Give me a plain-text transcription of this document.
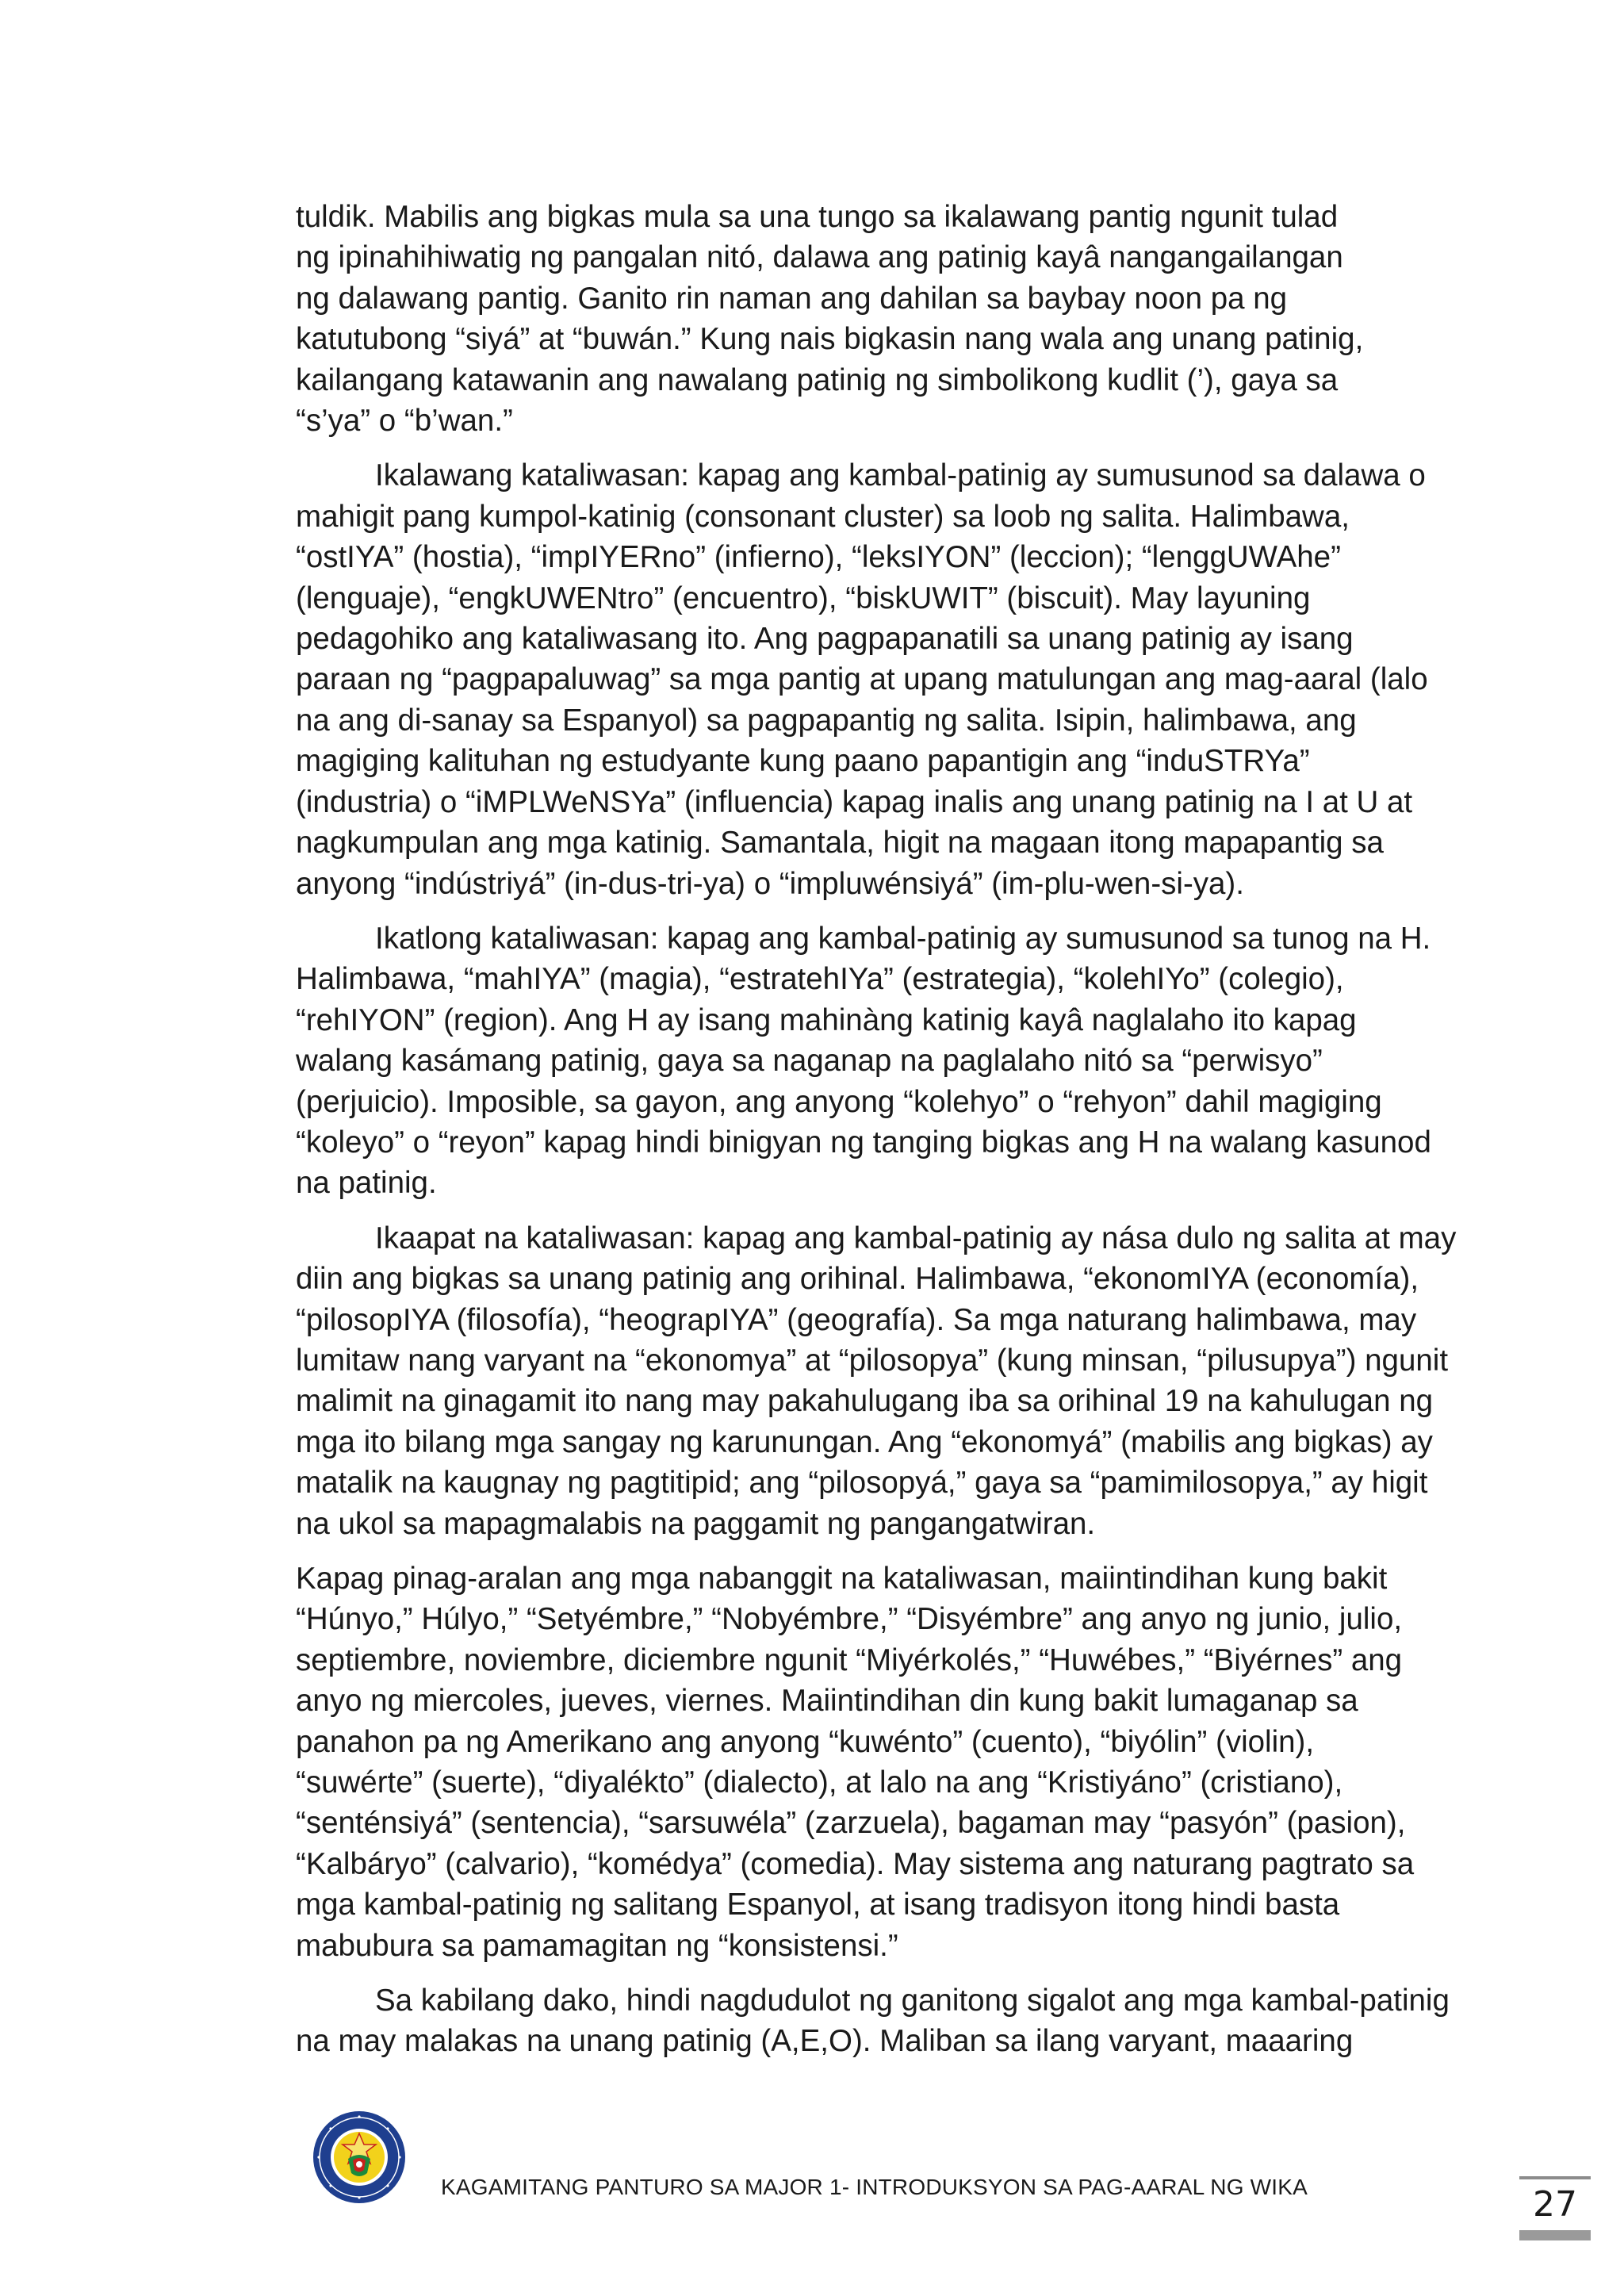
tuldik. Mabilis ang bigkas mula sa una tungo sa ikalawang pantig ngunit tulad
ng ipinahihiwatig ng pangalan nitó, dalawa ang patinig kayâ nangangailangan
ng dalawang pantig. Ganito rin naman ang dahilan sa baybay noon pa ng
katutubong “siyá” at “buwán.” Kung nais bigkasin nang wala ang unang patinig,
kailangang katawanin ang nawalang patinig ng simbolikong kudlit (’), gaya sa
“s’ya” o “b’wan.”

Ikalawang kataliwasan: kapag ang kambal-patinig ay sumusunod sa dalawa o
mahigit pang kumpol-katinig (consonant cluster) sa loob ng salita. Halimbawa,
“ostIYA” (hostia), “impIYERno” (infierno), “leksIYON” (leccion); “lenggUWAhe”
(lenguaje), “engkUWENtro” (encuentro), “biskUWIT” (biscuit). May layuning
pedagohiko ang kataliwasang ito. Ang pagpapanatili sa unang patinig ay isang
paraan ng “pagpapaluwag” sa mga pantig at upang matulungan ang mag-aaral (lalo
na ang di-sanay sa Espanyol) sa pagpapantig ng salita. Isipin, halimbawa, ang
magiging kalituhan ng estudyante kung paano papantigin ang “induSTRYa”
(industria) o “iMPLWeNSYa” (influencia) kapag inalis ang unang patinig na I at U at
nagkumpulan ang mga katinig. Samantala, higit na magaan itong mapapantig sa
anyong “indústriyá” (in-dus-tri-ya) o “impluwénsiyá” (im-plu-wen-si-ya).

Ikatlong kataliwasan: kapag ang kambal-patinig ay sumusunod sa tunog na H.
Halimbawa, “mahIYA” (magia), “estratehIYa” (estrategia), “kolehIYo” (colegio),
“rehIYON” (region). Ang H ay isang mahinàng katinig kayâ naglalaho ito kapag
walang kasámang patinig, gaya sa naganap na paglalaho nitó sa “perwisyo”
(perjuicio). Imposible, sa gayon, ang anyong “kolehyo” o “rehyon” dahil magiging
“koleyo” o “reyon” kapag hindi binigyan ng tanging bigkas ang H na walang kasunod
na patinig.

Ikaapat na kataliwasan: kapag ang kambal-patinig ay nása dulo ng salita at may
diin ang bigkas sa unang patinig ang orihinal. Halimbawa, “ekonomIYA (economía),
“pilosopIYA (filosofía), “heograpIYA” (geografía). Sa mga naturang halimbawa, may
lumitaw nang varyant na “ekonomya” at “pilosopya” (kung minsan, “pilusupya”) ngunit
malimit na ginagamit ito nang may pakahulugang iba sa orihinal 19 na kahulugan ng
mga ito bilang mga sangay ng karunungan. Ang “ekonomyá” (mabilis ang bigkas) ay
matalik na kaugnay ng pagtitipid; ang “pilosopyá,” gaya sa “pamimilosopya,” ay higit
na ukol sa mapagmalabis na paggamit ng pangangatwiran.

Kapag pinag-aralan ang mga nabanggit na kataliwasan, maiintindihan kung bakit
“Húnyo,” Húlyo,” “Setyémbre,” “Nobyémbre,” “Disyémbre” ang anyo ng junio, julio,
septiembre, noviembre, diciembre ngunit “Miyérkolés,” “Huwébes,” “Biyérnes” ang
anyo ng miercoles, jueves, viernes. Maiintindihan din kung bakit lumaganap sa
panahon pa ng Amerikano ang anyong “kuwénto” (cuento), “biyólin” (violin),
“suwérte” (suerte), “diyalékto” (dialecto), at lalo na ang “Kristiyáno” (cristiano),
“senténsiyá” (sentencia), “sarsuwéla” (zarzuela), bagaman may “pasyón” (pasion),
“Kalbáryo” (calvario), “komédya” (comedia). May sistema ang naturang pagtrato sa
mga kambal-patinig ng salitang Espanyol, at isang tradisyon itong hindi basta
mabubura sa pamamagitan ng “konsistensi.”

Sa kabilang dako, hindi nagdudulot ng ganitong sigalot ang mga kambal-patinig
na may malakas na unang patinig (A,E,O). Maliban sa ilang varyant, maaaring

KAGAMITANG PANTURO SA MAJOR 1- INTRODUKSYON SA PAG-AARAL NG WIKA	27
